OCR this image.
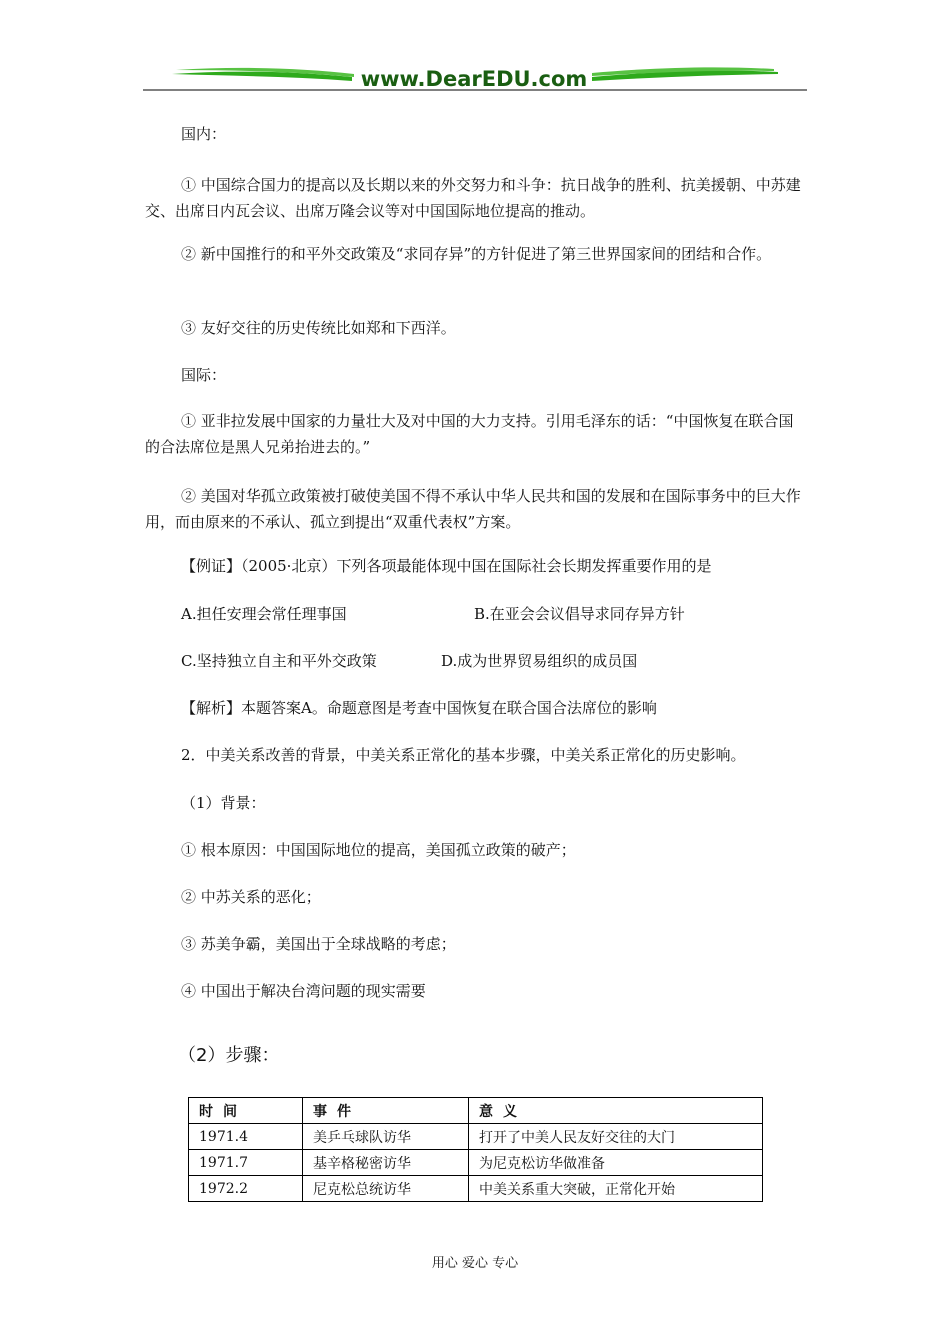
www.DearEDU.com

国内：

① 中国综合国力的提高以及长期以来的外交努力和斗争：抗日战争的胜利、抗美援朝、中苏建交、出席日内瓦会议、出席万隆会议等对中国国际地位提高的推动。

② 新中国推行的和平外交政策及“求同存异”的方针促进了第三世界国家间的团结和合作。

③ 友好交往的历史传统比如郑和下西洋。

国际：

① 亚非拉发展中国家的力量壮大及对中国的大力支持。引用毛泽东的话：“中国恢复在联合国的合法席位是黑人兄弟抬进去的。”

② 美国对华孤立政策被打破使美国不得不承认中华人民共和国的发展和在国际事务中的巨大作用，而由原来的不承认、孤立到提出“双重代表权”方案。

【例证】（2005·北京）下列各项最能体现中国在国际社会长期发挥重要作用的是

A.担任安理会常任理事国	B.在亚会会议倡导求同存异方针

C.坚持独立自主和平外交政策	D.成为世界贸易组织的成员国

【解析】本题答案A。命题意图是考查中国恢复在联合国合法席位的影响

2．中美关系改善的背景，中美关系正常化的基本步骤，中美关系正常化的历史影响。

（1）背景：

① 根本原因：中国国际地位的提高，美国孤立政策的破产；

② 中苏关系的恶化；

③ 苏美争霸，美国出于全球战略的考虑；

④ 中国出于解决台湾问题的现实需要

（2）步骤：
时间	事件	意义
1971.4	美乒乓球队访华	打开了中美人民友好交往的大门
1971.7	基辛格秘密访华	为尼克松访华做准备
1972.2	尼克松总统访华	中美关系重大突破，正常化开始
用心 爱心 专心
